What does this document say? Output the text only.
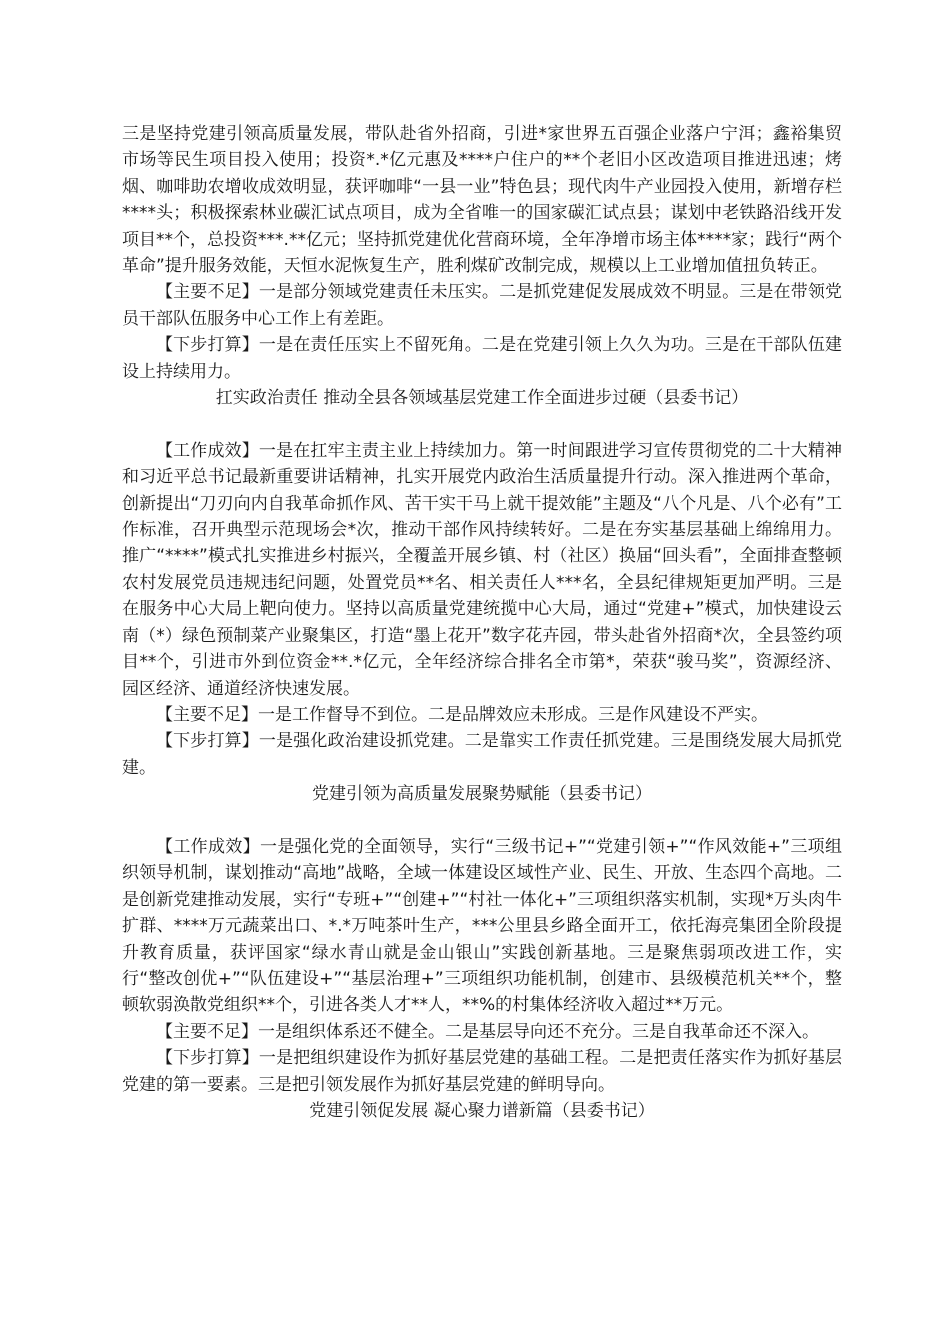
三是坚持党建引领高质量发展，带队赴省外招商，引进*家世界五百强企业落户宁洱；鑫裕集贸市场等民生项目投入使用；投资*.*亿元惠及****户住户的**个老旧小区改造项目推进迅速；烤烟、咖啡助农增收成效明显，获评咖啡“一县一业”特色县；现代肉牛产业园投入使用，新增存栏****头；积极探索林业碳汇试点项目，成为全省唯一的国家碳汇试点县；谋划中老铁路沿线开发项目**个，总投资***.**亿元；坚持抓党建优化营商环境，全年净增市场主体****家；践行“两个革命”提升服务效能，天恒水泥恢复生产，胜利煤矿改制完成，规模以上工业增加值扭负转正。

【主要不足】一是部分领域党建责任未压实。二是抓党建促发展成效不明显。三是在带领党员干部队伍服务中心工作上有差距。

【下步打算】一是在责任压实上不留死角。二是在党建引领上久久为功。三是在干部队伍建设上持续用力。

扛实政治责任 推动全县各领域基层党建工作全面进步过硬（县委书记）

【工作成效】一是在扛牢主责主业上持续加力。第一时间跟进学习宣传贯彻党的二十大精神和习近平总书记最新重要讲话精神，扎实开展党内政治生活质量提升行动。深入推进两个革命，创新提出“刀刃向内自我革命抓作风、苦干实干马上就干提效能”主题及“八个凡是、八个必有”工作标准，召开典型示范现场会*次，推动干部作风持续转好。二是在夯实基层基础上绵绵用力。推广“****”模式扎实推进乡村振兴，全覆盖开展乡镇、村（社区）换届“回头看”，全面排查整顿农村发展党员违规违纪问题，处置党员**名、相关责任人***名，全县纪律规矩更加严明。三是在服务中心大局上靶向使力。坚持以高质量党建统揽中心大局，通过“党建+”模式，加快建设云南（*）绿色预制菜产业聚集区，打造“墨上花开”数字花卉园，带头赴省外招商*次，全县签约项目**个，引进市外到位资金**.*亿元，全年经济综合排名全市第*，荣获“骏马奖”，资源经济、园区经济、通道经济快速发展。

【主要不足】一是工作督导不到位。二是品牌效应未形成。三是作风建设不严实。

【下步打算】一是强化政治建设抓党建。二是靠实工作责任抓党建。三是围绕发展大局抓党建。

党建引领为高质量发展聚势赋能（县委书记）

【工作成效】一是强化党的全面领导，实行“三级书记+”“党建引领+”“作风效能+”三项组织领导机制，谋划推动“高地”战略，全域一体建设区域性产业、民生、开放、生态四个高地。二是创新党建推动发展，实行“专班+”“创建+”“村社一体化+”三项组织落实机制，实现*万头肉牛扩群、****万元蔬菜出口、*.*万吨茶叶生产，***公里县乡路全面开工，依托海亮集团全阶段提升教育质量，获评国家“绿水青山就是金山银山”实践创新基地。三是聚焦弱项改进工作，实行“整改创优+”“队伍建设+”“基层治理+”三项组织功能机制，创建市、县级模范机关**个，整顿软弱涣散党组织**个，引进各类人才**人，**%的村集体经济收入超过**万元。

【主要不足】一是组织体系还不健全。二是基层导向还不充分。三是自我革命还不深入。

【下步打算】一是把组织建设作为抓好基层党建的基础工程。二是把责任落实作为抓好基层党建的第一要素。三是把引领发展作为抓好基层党建的鲜明导向。

党建引领促发展 凝心聚力谱新篇（县委书记）
